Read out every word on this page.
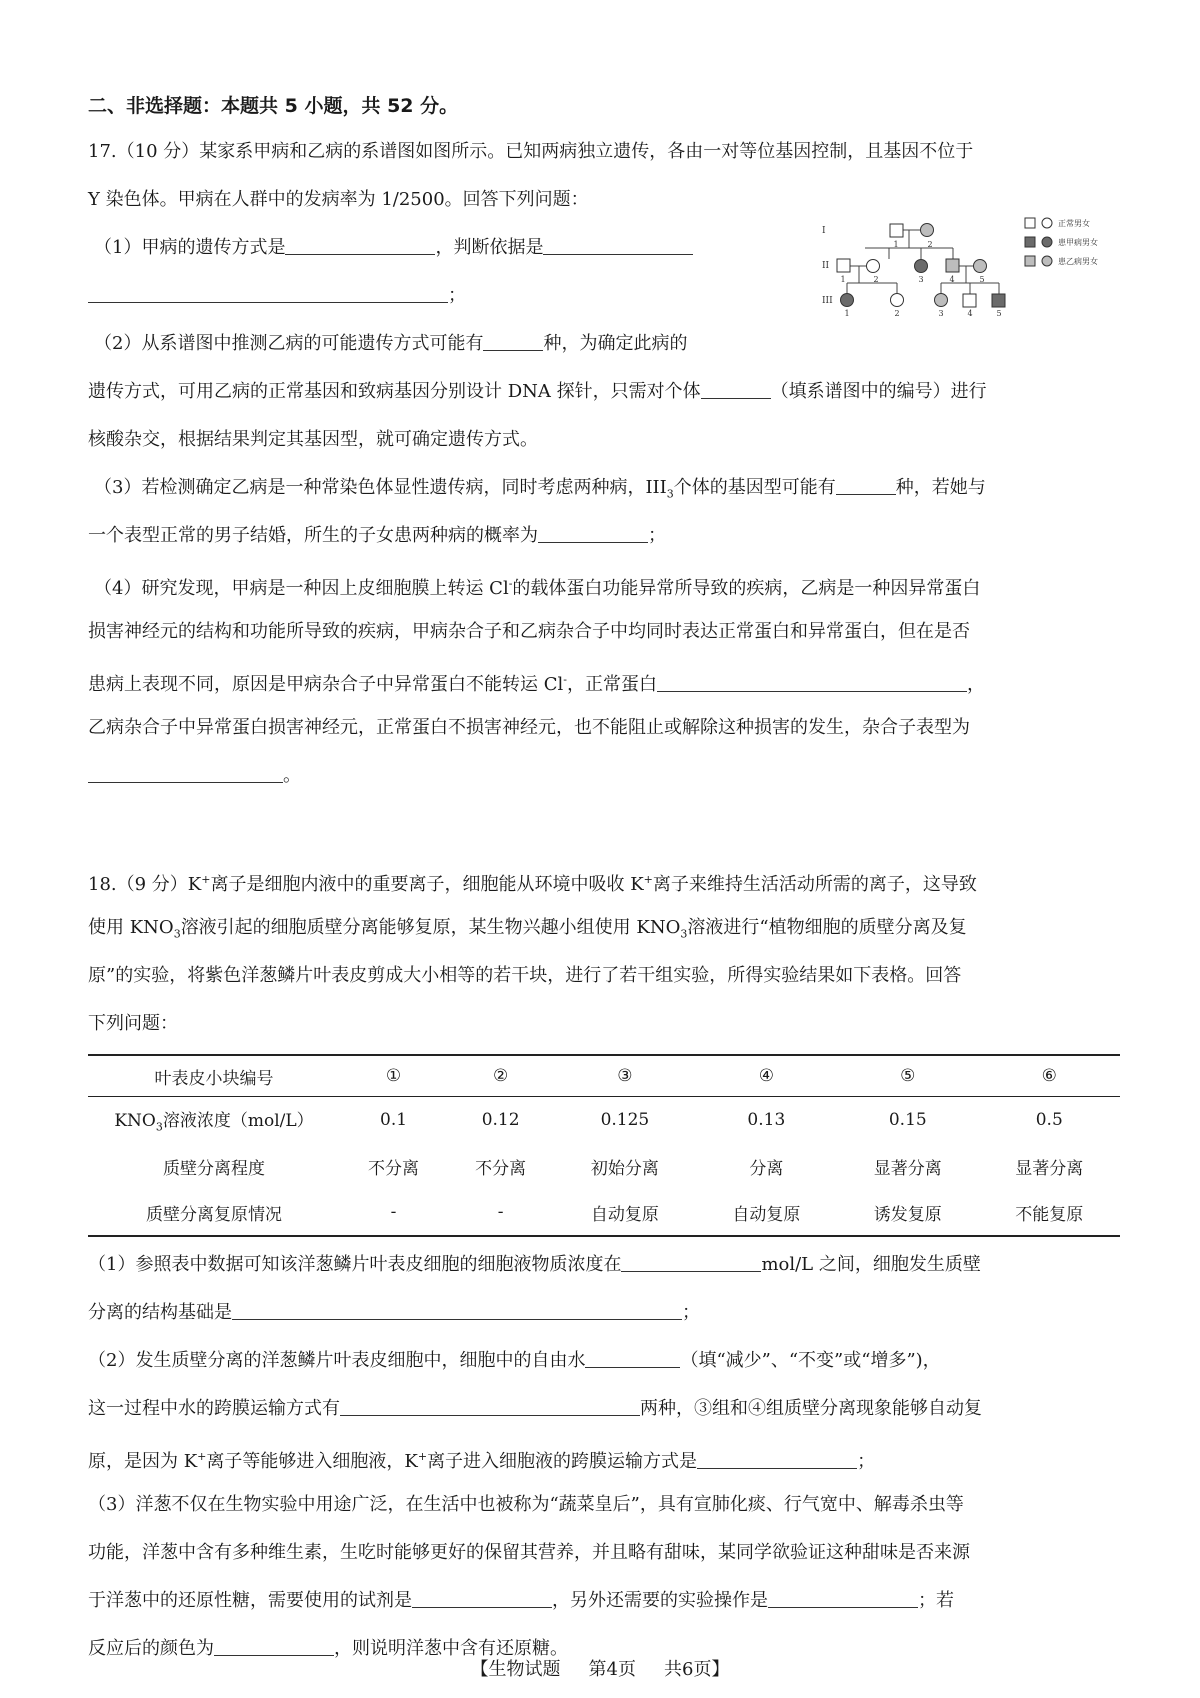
二、非选择题：本题共 5 小题，共 52 分。
17.（10 分）某家系甲病和乙病的系谱图如图所示。已知两病独立遗传，各由一对等位基因控制，且基因不位于
Y 染色体。甲病在人群中的发病率为 1/2500。回答下列问题：
（1）甲病的遗传方式是	，判断依据是
；
（2）从系谱图中推测乙病的可能遗传方式可能有	种，为确定此病的
遗传方式，可用乙病的正常基因和致病基因分别设计 DNA 探针，只需对个体	（填系谱图中的编号）进行
核酸杂交，根据结果判定其基因型，就可确定遗传方式。
（3）若检测确定乙病是一种常染色体显性遗传病，同时考虑两种病，$III_3$个体的基因型可能有	种，若她与
一个表型正常的男子结婚，所生的子女患两种病的概率为	；
（4）研究发现，甲病是一种因上皮细胞膜上转运 Cl-的载体蛋白功能异常所导致的疾病，乙病是一种因异常蛋白
损害神经元的结构和功能所导致的疾病，甲病杂合子和乙病杂合子中均同时表达正常蛋白和异常蛋白，但在是否
患病上表现不同，原因是甲病杂合子中异常蛋白不能转运 Cl-，正常蛋白	，
乙病杂合子中异常蛋白损害神经元，正常蛋白不损害神经元，也不能阻止或解除这种损害的发生，杂合子表型为
。
18.（9 分）K+离子是细胞内液中的重要离子，细胞能从环境中吸收 K+离子来维持生活活动所需的离子，这导致
使用 $KNO_3$溶液引起的细胞质壁分离能够复原，某生物兴趣小组使用 $KNO_3$溶液进行“植物细胞的质壁分离及复
原”的实验，将紫色洋葱鳞片叶表皮剪成大小相等的若干块，进行了若干组实验，所得实验结果如下表格。回答
下列问题：
叶表皮小块编号	①	②	③	④	⑤	⑥
$KNO_3$溶液浓度（mol/L）	0.1	0.12	0.125	0.13	0.15	0.5
质壁分离程度	不分离	不分离	初始分离	分离	显著分离	显著分离
质壁分离复原情况	-	-	自动复原	自动复原	诱发复原	不能复原
（1）参照表中数据可知该洋葱鳞片叶表皮细胞的细胞液物质浓度在	mol/L 之间，细胞发生质壁
分离的结构基础是	；
（2）发生质壁分离的洋葱鳞片叶表皮细胞中，细胞中的自由水	（填“减少”、“不变”或“增多”)，
这一过程中水的跨膜运输方式有	两种，③组和④组质壁分离现象能够自动复
原，是因为 K+离子等能够进入细胞液，K+离子进入细胞液的跨膜运输方式是	；
（3）洋葱不仅在生物实验中用途广泛，在生活中也被称为“蔬菜皇后”，具有宣肺化痰、行气宽中、解毒杀虫等
功能，洋葱中含有多种维生素，生吃时能够更好的保留其营养，并且略有甜味，某同学欲验证这种甜味是否来源
于洋葱中的还原性糖，需要使用的试剂是	，另外还需要的实验操作是	；若
反应后的颜色为	，则说明洋葱中含有还原糖。
I
II
III
1	2
1	2	3	4	5
1	2	3	4	5
正常男女
患甲病男女
患乙病男女
【生物试题 第4页 共6页】
